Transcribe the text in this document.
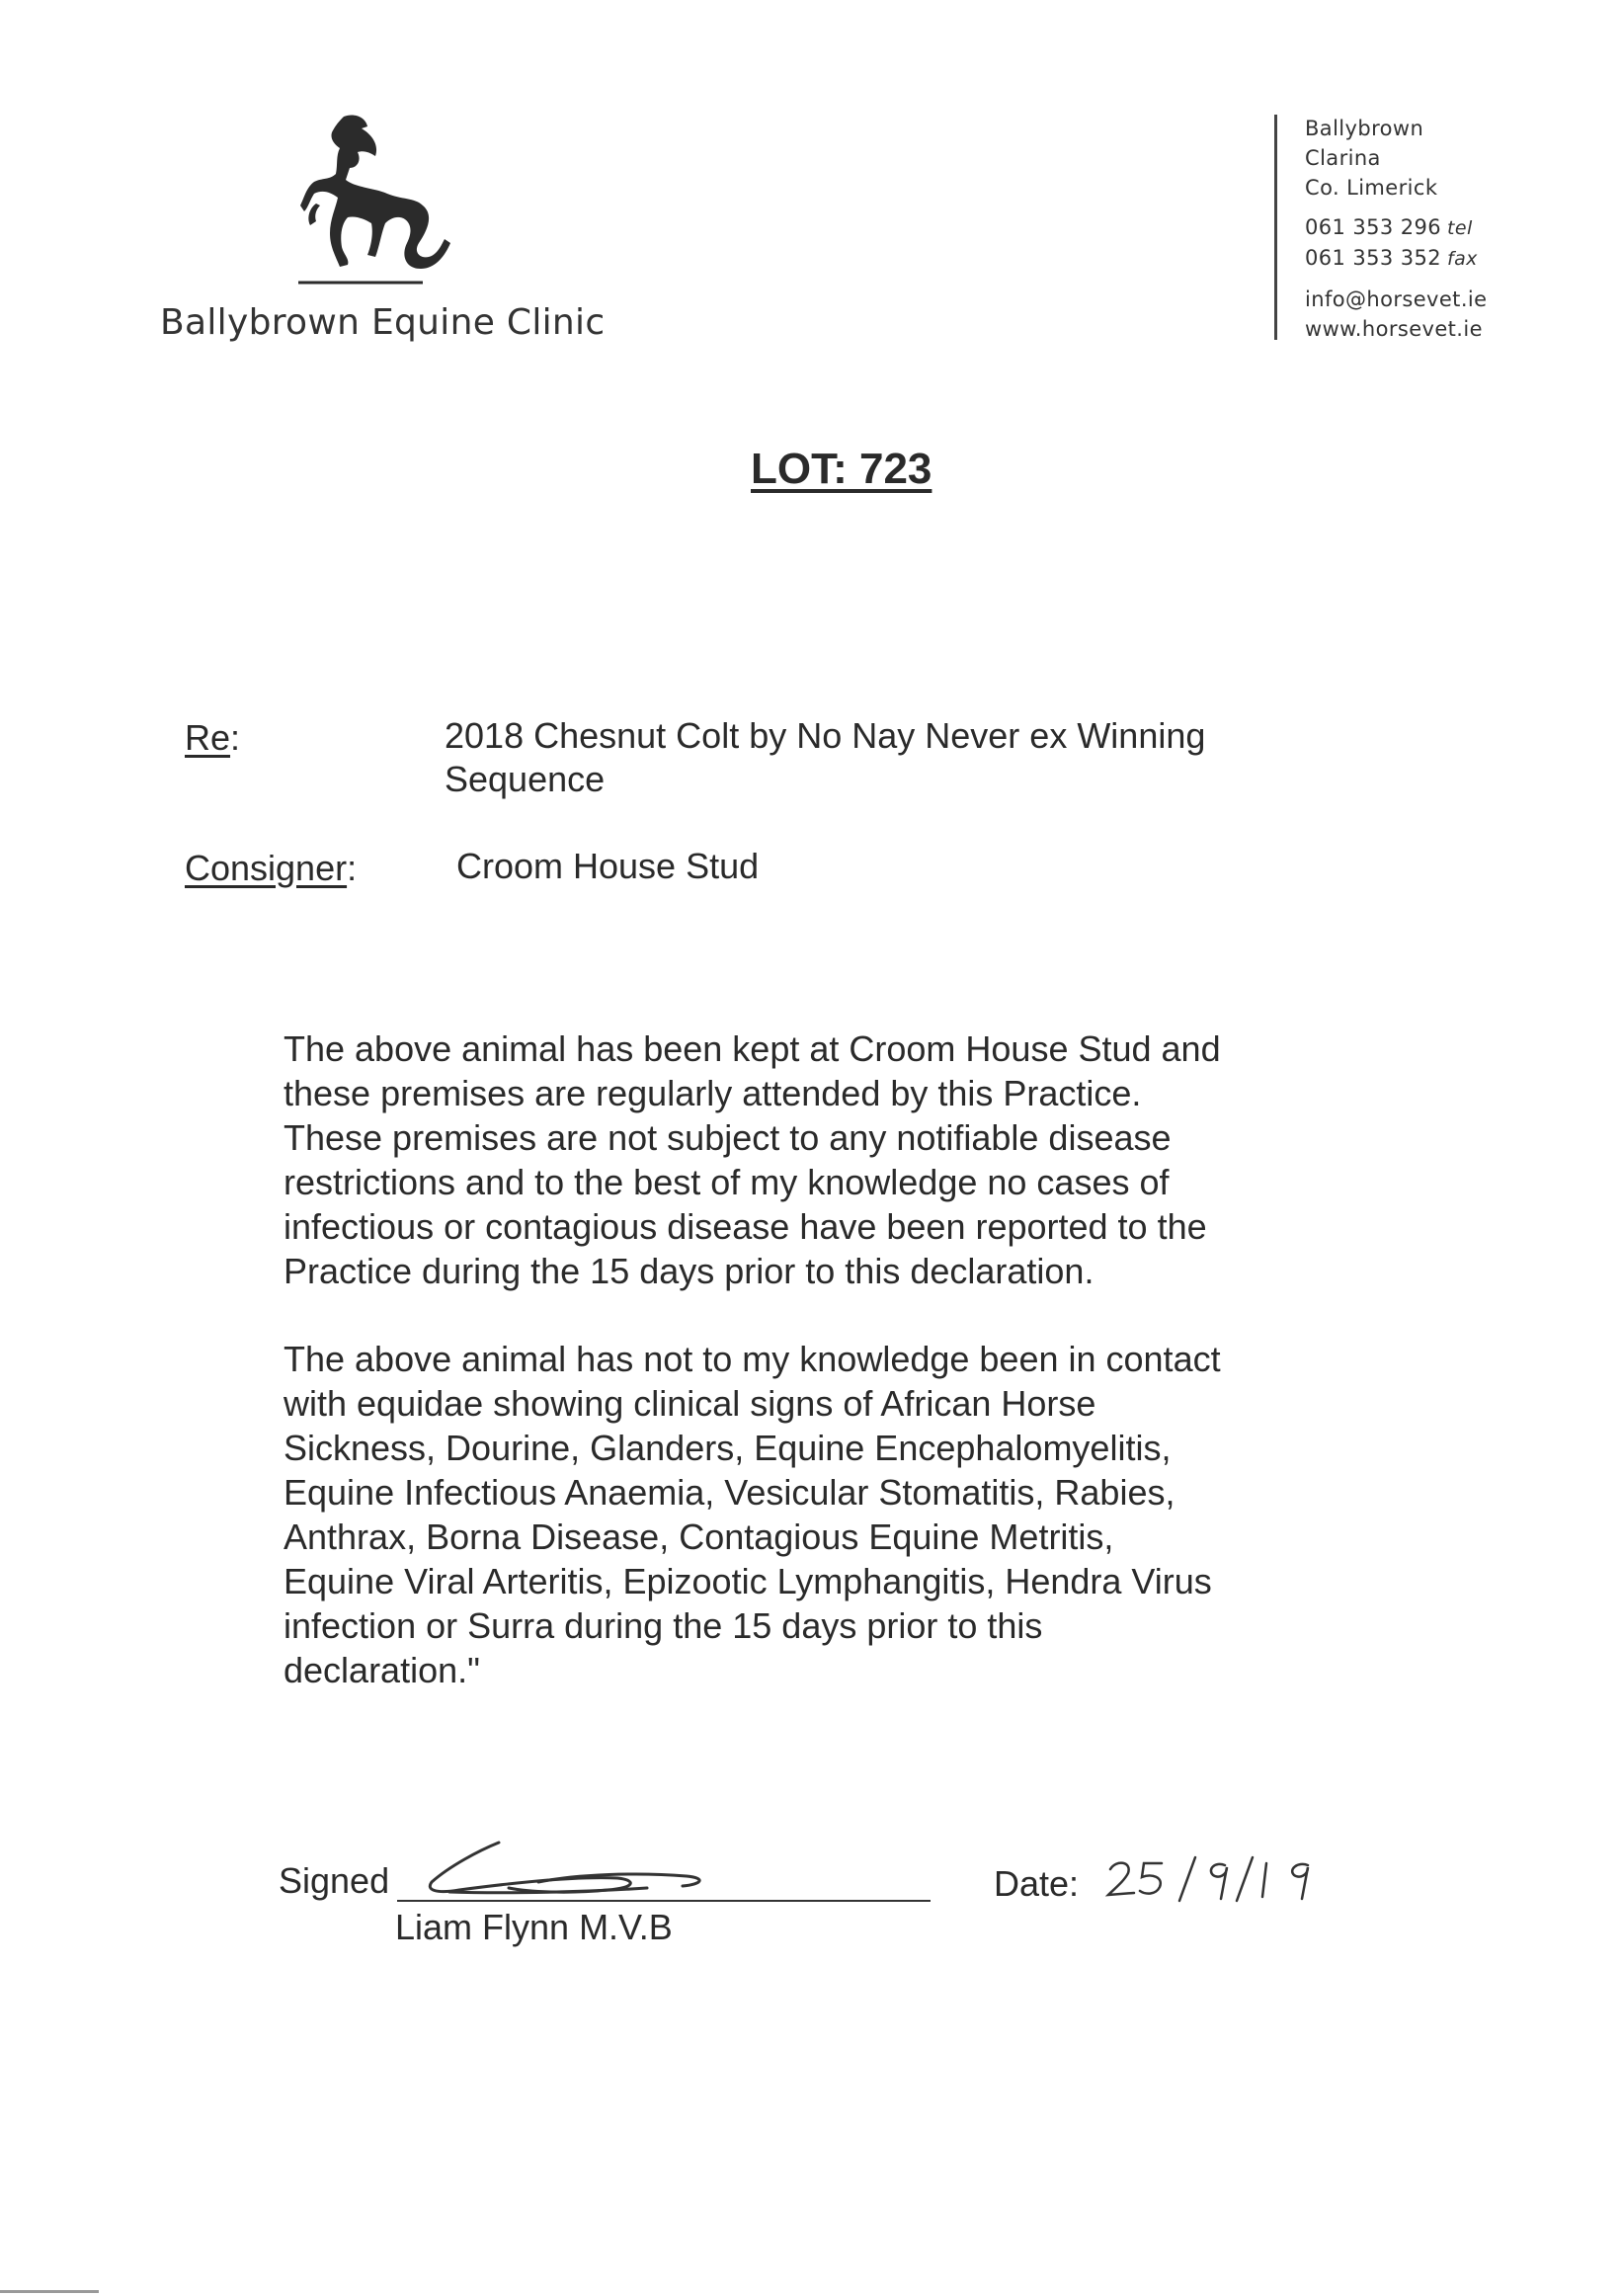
Ballybrown Equine Clinic
Ballybrown
Clarina
Co. Limerick
061 353 296 tel
061 353 352 fax
info@horsevet.ie
www.horsevet.ie
LOT: 723
Re:	2018 Chesnut Colt by No Nay Never ex Winning
Sequence
Consigner:	Croom House Stud
The above animal has been kept at Croom House Stud and
these premises are regularly attended by this Practice.
These premises are not subject to any notifiable disease
restrictions and to the best of my knowledge no cases of
infectious or contagious disease have been reported to the
Practice during the 15 days prior to this declaration.
The above animal has not to my knowledge been in contact
with equidae showing clinical signs of African Horse
Sickness, Dourine, Glanders, Equine Encephalomyelitis,
Equine Infectious Anaemia, Vesicular Stomatitis, Rabies,
Anthrax, Borna Disease, Contagious Equine Metritis,
Equine Viral Arteritis, Epizootic Lymphangitis, Hendra Virus
infection or Surra during the 15 days prior to this
declaration."
Signed
Liam Flynn M.V.B
Date:
